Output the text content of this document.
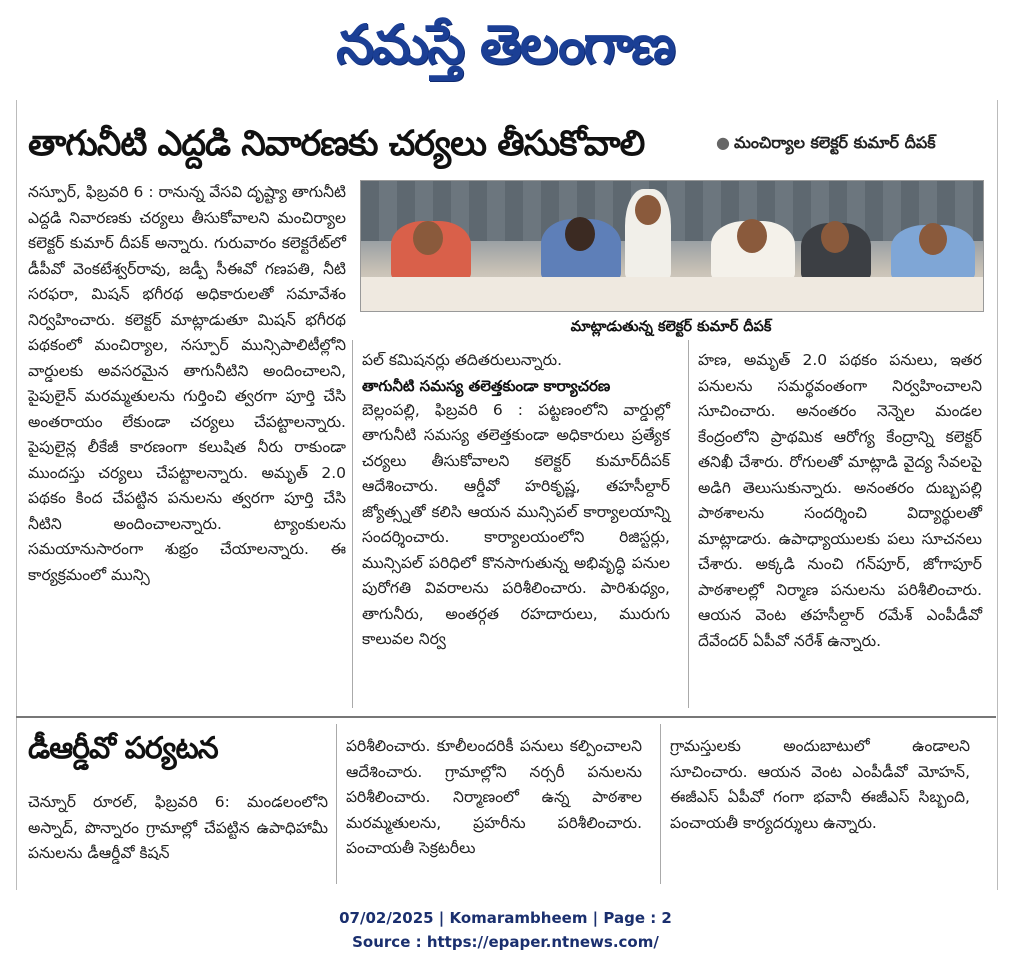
నమస్తే తెలంగాణ
తాగునీటి ఎద్దడి నివారణకు చర్యలు తీసుకోవాలి	● మంచిర్యాల కలెక్టర్ కుమార్ దీపక్

నస్పూర్, ఫిబ్రవరి 6 : రానున్న వేసవి దృష్ట్యా తాగునీటి ఎద్దడి నివారణకు చర్యలు తీసుకోవాలని మంచిర్యాల కలెక్టర్ కుమార్ దీపక్ అన్నారు. గురువారం కలెక్టరేట్‌లో డీపీవో వెంకటేశ్వర్‌రావు, జడ్పీ సీఈవో గణపతి, నీటి సరఫరా, మిషన్ భగీరథ అధికారులతో సమావేశం నిర్వహించారు. కలెక్టర్ మాట్లాడుతూ మిషన్ భగీరథ పథకంలో మంచిర్యాల, నస్పూర్ మున్సిపాలిటీల్లోని వార్డులకు అవసరమైన తాగునీటిని అందించాలని, పైపులైన్ మరమ్మతులను గుర్తించి త్వరగా పూర్తి చేసి అంతరాయం లేకుండా చర్యలు చేపట్టాలన్నారు. పైపులైన్ల లీకేజీ కారణంగా కలుషిత నీరు రాకుండా ముందస్తు చర్యలు చేపట్టాలన్నారు. అమృత్ 2.0 పథకం కింద చేపట్టిన పనులను త్వరగా పూర్తి చేసి నీటిని అందించాలన్నారు. ట్యాంకులను సమయానుసారంగా శుభ్రం చేయాలన్నారు. ఈ కార్యక్రమంలో మున్సి

మాట్లాడుతున్న కలెక్టర్ కుమార్ దీపక్

పల్ కమిషనర్లు తదితరులున్నారు.

తాగునీటి సమస్య తలెత్తకుండా కార్యాచరణ

బెల్లంపల్లి, ఫిబ్రవరి 6 : పట్టణంలోని వార్డుల్లో తాగునీటి సమస్య తలెత్తకుండా అధికారులు ప్రత్యేక చర్యలు తీసుకోవాలని కలెక్టర్ కుమార్‌దీపక్ ఆదేశించారు. ఆర్డీవో హరికృష్ణ, తహసీల్దార్ జ్యోత్స్నతో కలిసి ఆయన మున్సిపల్ కార్యాలయాన్ని సందర్శించారు. కార్యాలయంలోని రిజిస్టర్లు, మున్సిపల్ పరిధిలో కొనసాగుతున్న అభివృద్ధి పనుల పురోగతి వివరాలను పరిశీలించారు. పారిశుధ్యం, తాగునీరు, అంతర్గత రహదారులు, మురుగు కాలువల నిర్వ

హణ, అమృత్ 2.0 పథకం పనులు, ఇతర పనులను సమర్థవంతంగా నిర్వహించాలని సూచించారు. అనంతరం నెన్నెల మండల కేంద్రంలోని ప్రాథమిక ఆరోగ్య కేంద్రాన్ని కలెక్టర్ తనిఖీ చేశారు. రోగులతో మాట్లాడి వైద్య సేవలపై అడిగి తెలుసుకున్నారు. అనంతరం దుబ్బపల్లి పాఠశాలను సందర్శించి విద్యార్థులతో మాట్లాడారు. ఉపాధ్యాయులకు పలు సూచనలు చేశారు. అక్కడి నుంచి గన్‌పూర్, జోగాపూర్ పాఠశాలల్లో నిర్మాణ పనులను పరిశీలించారు. ఆయన వెంట తహసీల్దార్ రమేశ్ ఎంపీడీవో దేవేందర్ ఏపీవో నరేశ్ ఉన్నారు.

డీఆర్డీవో పర్యటన

చెన్నూర్ రూరల్, ఫిబ్రవరి 6: మండలంలోని అస్నాద్, పొన్నారం గ్రామాల్లో చేపట్టిన ఉపాధిహామీ పనులను డీఆర్డీవో కిషన్

పరిశీలించారు. కూలీలందరికీ పనులు కల్పించాలని ఆదేశించారు. గ్రామాల్లోని నర్సరీ పనులను పరిశీలించారు. నిర్మాణంలో ఉన్న పాఠశాల మరమ్మతులను, ప్రహరీను పరిశీలించారు. పంచాయతీ సెక్రటరీలు

గ్రామస్తులకు అందుబాటులో ఉండాలని సూచించారు. ఆయన వెంట ఎంపీడీవో మోహన్, ఈజీఎస్ ఏపీవో గంగా భవానీ ఈజీఎస్ సిబ్బంది, పంచాయతీ కార్యదర్శులు ఉన్నారు.

07/02/2025 | Komarambheem | Page : 2
Source : https://epaper.ntnews.com/
